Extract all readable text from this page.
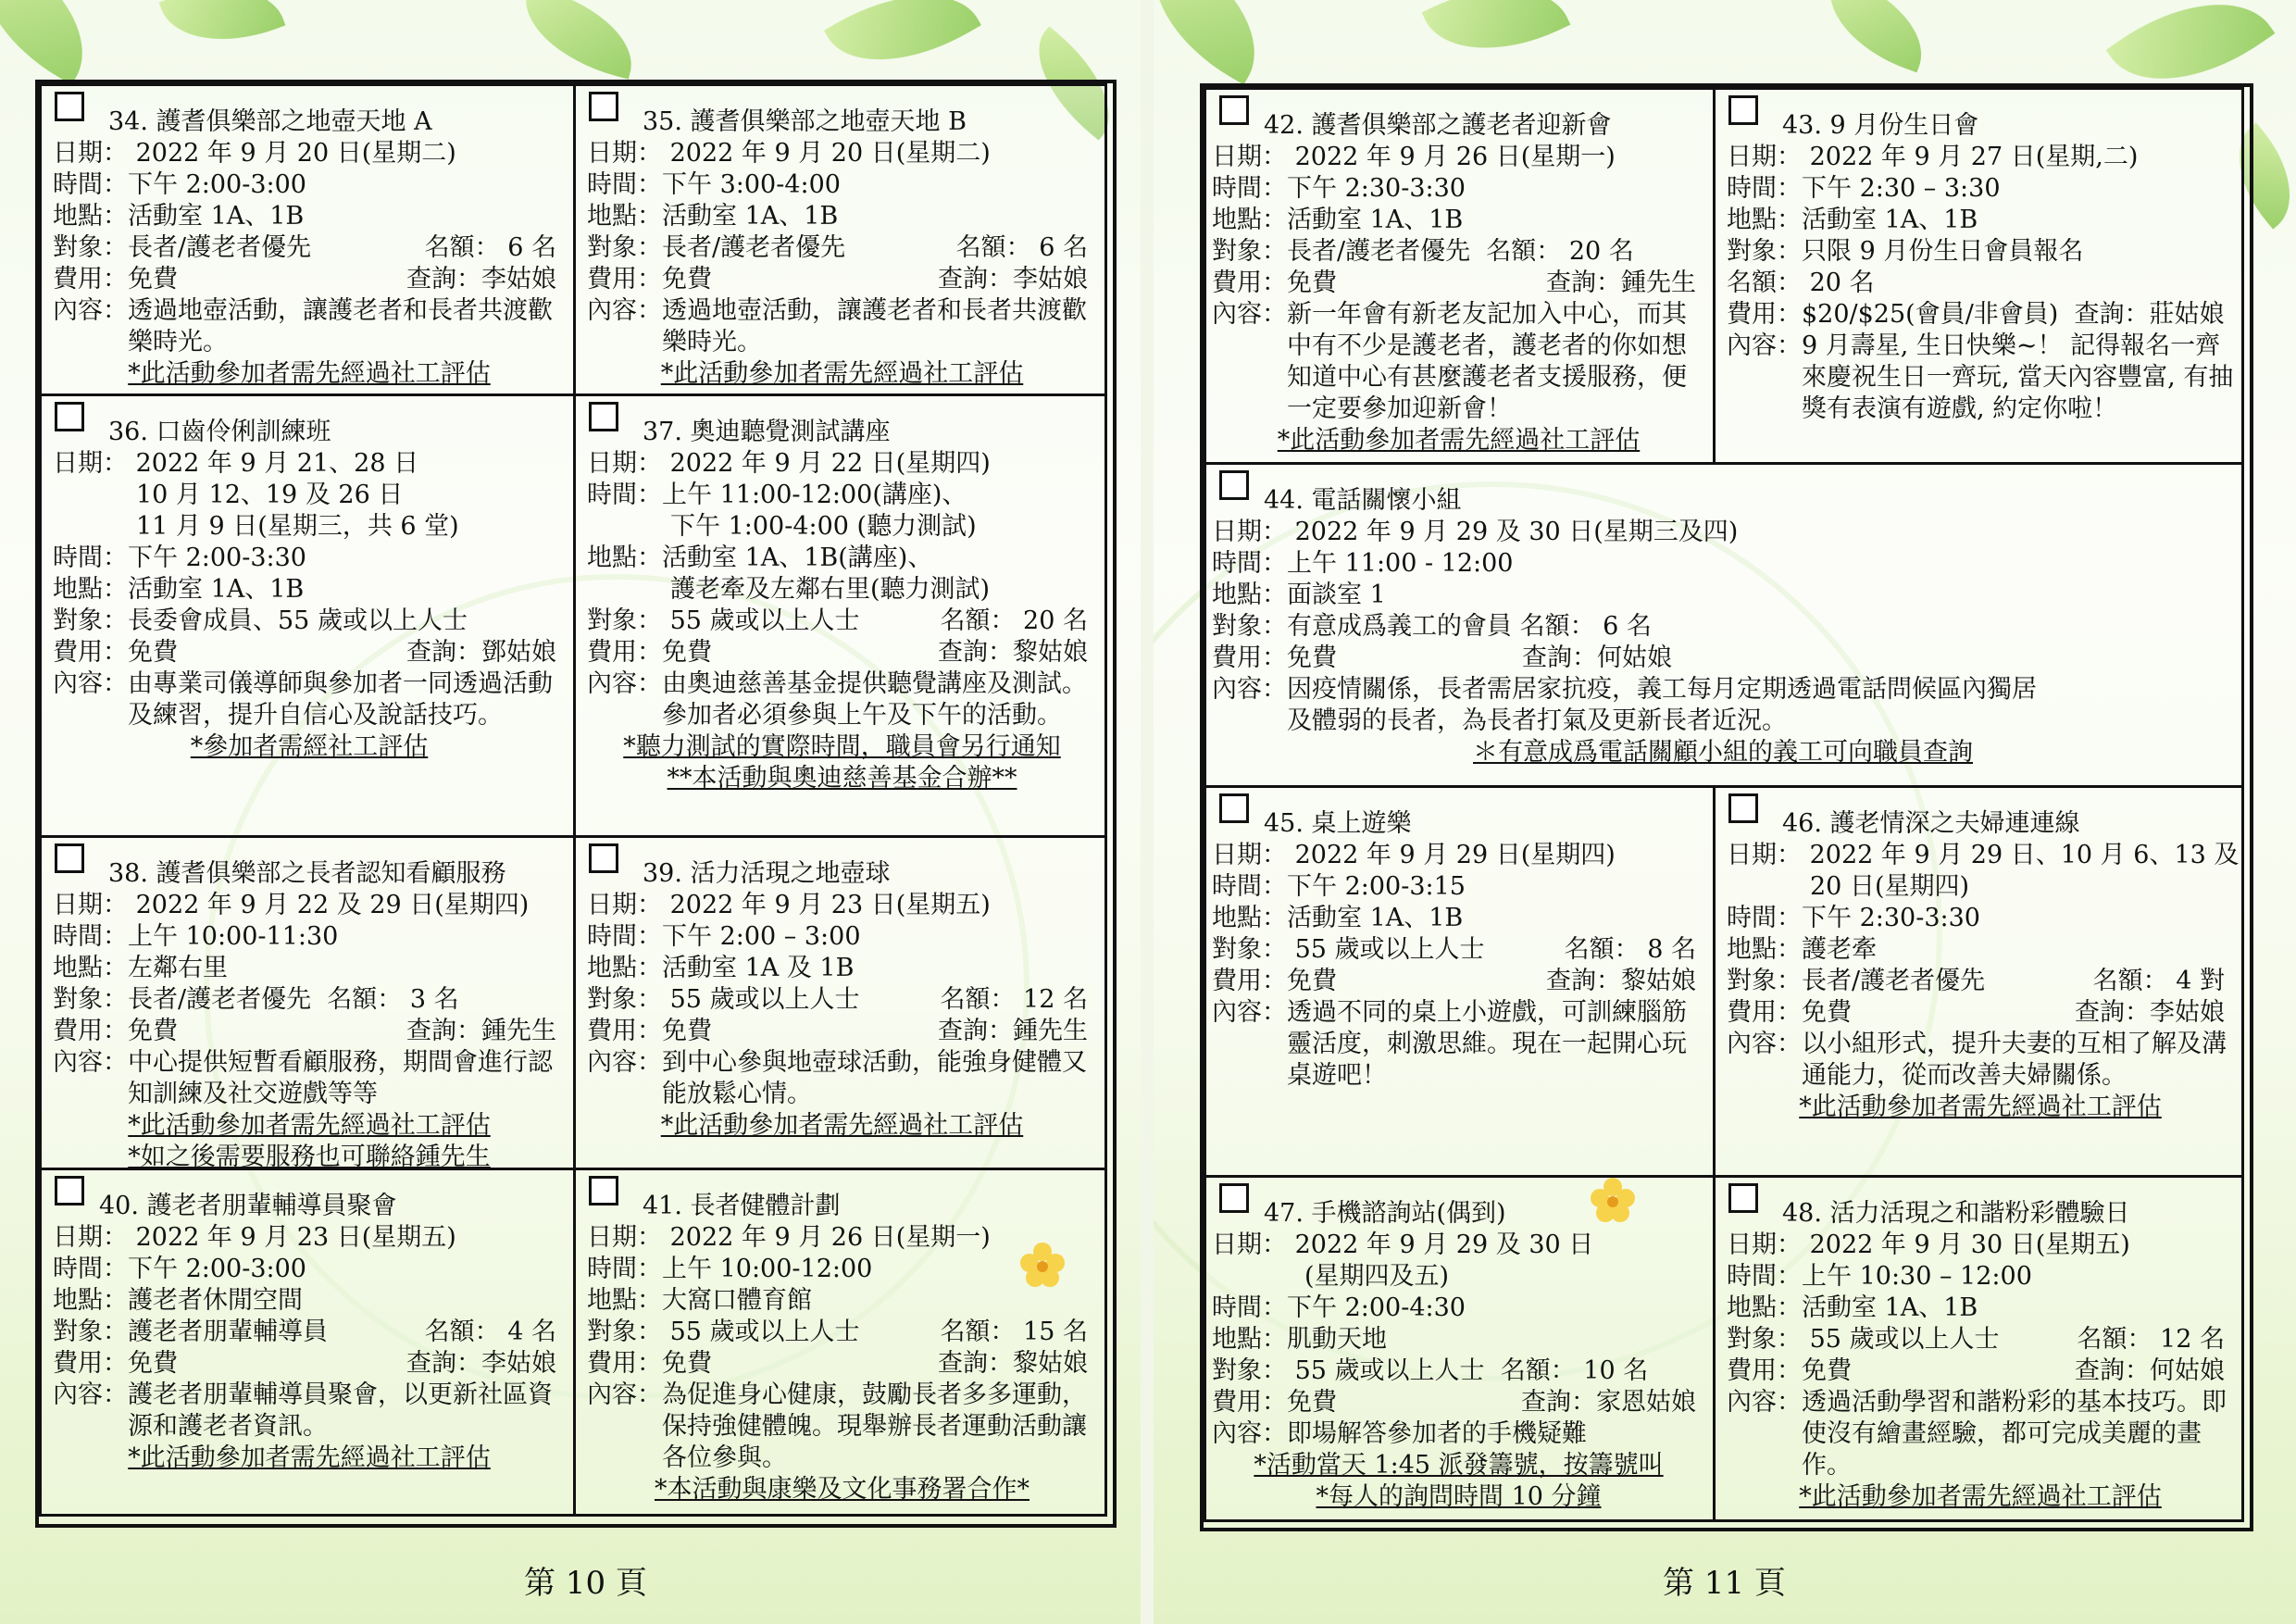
34. 護耆俱樂部之地壺天地 A
日期： 2022 年 9 月 20 日(星期二)
時間：下午 2:00-3:00
地點：活動室 1A、1B
對象：長者/護老者優先	名額： 6 名
費用：免費	查詢：李姑娘
內容： 透過地壺活動，讓護老者和長者共渡歡樂時光。
*此活動參加者需先經過社工評估
35. 護耆俱樂部之地壺天地 B
日期： 2022 年 9 月 20 日(星期二)
時間：下午 3:00-4:00
地點：活動室 1A、1B
對象：長者/護老者優先	名額： 6 名
費用：免費	查詢：李姑娘
內容： 透過地壺活動，讓護老者和長者共渡歡樂時光。
*此活動參加者需先經過社工評估
36. 口齒伶俐訓練班
日期： 2022 年 9 月 21、28 日
10 月 12、19 及 26 日
11 月 9 日(星期三，共 6 堂)
時間：下午 2:00-3:30
地點：活動室 1A、1B
對象：長委會成員、55 歲或以上人士
費用：免費	查詢：鄧姑娘
內容： 由專業司儀導師與參加者一同透過活動及練習，提升自信心及說話技巧。
*參加者需經社工評估
37. 奧迪聽覺測試講座
日期： 2022 年 9 月 22 日(星期四)
時間：上午 11:00-12:00(講座)、
下午 1:00-4:00 (聽力測試)
地點：活動室 1A、1B(講座)、
護老牽及左鄰右里(聽力測試)
對象： 55 歲或以上人士	名額： 20 名
費用：免費	查詢：黎姑娘
內容： 由奧迪慈善基金提供聽覺講座及測試。參加者必須參與上午及下午的活動。
*聽力測試的實際時間，職員會另行通知
**本活動與奧迪慈善基金合辦**
38. 護耆俱樂部之長者認知看顧服務
日期： 2022 年 9 月 22 及 29 日(星期四)
時間：上午 10:00-11:30
地點：左鄰右里
對象：長者/護老者優先 名額： 3 名
費用：免費	查詢：鍾先生
內容： 中心提供短暫看顧服務，期間會進行認知訓練及社交遊戲等等
*此活動參加者需先經過社工評估
*如之後需要服務也可聯絡鍾先生
39. 活力活現之地壺球
日期： 2022 年 9 月 23 日(星期五)
時間：下午 2:00 – 3:00
地點：活動室 1A 及 1B
對象： 55 歲或以上人士	名額： 12 名
費用：免費	查詢：鍾先生
內容： 到中心參與地壺球活動，能強身健體又能放鬆心情。
*此活動參加者需先經過社工評估
40. 護老者朋輩輔導員聚會
日期： 2022 年 9 月 23 日(星期五)
時間：下午 2:00-3:00
地點：護老者休閒空間
對象：護老者朋輩輔導員	名額： 4 名
費用：免費	查詢：李姑娘
內容： 護老者朋輩輔導員聚會，以更新社區資源和護老者資訊。
*此活動參加者需先經過社工評估
41. 長者健體計劃
日期： 2022 年 9 月 26 日(星期一)
時間：上午 10:00-12:00
地點：大窩口體育館
對象： 55 歲或以上人士	名額： 15 名
費用：免費	查詢：黎姑娘
內容： 為促進身心健康，鼓勵長者多多運動，保持強健體魄。現舉辦長者運動活動讓各位參與。
*本活動與康樂及文化事務署合作*
第 10 頁
42. 護耆俱樂部之護老者迎新會
日期： 2022 年 9 月 26 日(星期一)
時間：下午 2:30-3:30
地點：活動室 1A、1B
對象：長者/護老者優先 名額： 20 名
費用：免費	查詢：鍾先生
內容： 新一年會有新老友記加入中心，而其中有不少是護老者，護老者的你如想知道中心有甚麼護老者支援服務，便一定要參加迎新會！
*此活動參加者需先經過社工評估
43. 9 月份生日會
日期： 2022 年 9 月 27 日(星期,二)
時間：下午 2:30 – 3:30
地點：活動室 1A、1B
對象：只限 9 月份生日會員報名
名額： 20 名
費用：$20/$25(會員/非會員) 查詢：莊姑娘
內容： 9 月壽星, 生日快樂~！ 記得報名一齊來慶祝生日一齊玩, 當天內容豐富, 有抽獎有表演有遊戲, 約定你啦！
44. 電話關懷小組
日期： 2022 年 9 月 29 及 30 日(星期三及四)
時間：上午 11:00 - 12:00
地點：面談室 1
對象：有意成爲義工的會員 名額： 6 名
費用：免費	查詢：何姑娘
內容： 因疫情關係，長者需居家抗疫，義工每月定期透過電話問候區內獨居及體弱的長者，為長者打氣及更新長者近況。
＊有意成爲電話關顧小組的義工可向職員查詢
45. 桌上遊樂
日期： 2022 年 9 月 29 日(星期四)
時間：下午 2:00-3:15
地點：活動室 1A、1B
對象： 55 歲或以上人士	名額： 8 名
費用：免費	查詢：黎姑娘
內容： 透過不同的桌上小遊戲，可訓練腦筋靈活度，刺激思維。現在一起開心玩桌遊吧！
46. 護老情深之夫婦連連線
日期： 2022 年 9 月 29 日、10 月 6、13 及
20 日(星期四)
時間：下午 2:30-3:30
地點：護老牽
對象：長者/護老者優先	名額： 4 對
費用：免費	查詢：李姑娘
內容： 以小組形式，提升夫妻的互相了解及溝通能力，從而改善夫婦關係。
*此活動參加者需先經過社工評估
47. 手機諮詢站(偶到)
日期： 2022 年 9 月 29 及 30 日
(星期四及五)
時間：下午 2:00-4:30
地點：肌動天地
對象： 55 歲或以上人士 名額： 10 名
費用：免費	查詢：家恩姑娘
內容： 即場解答參加者的手機疑難
*活動當天 1:45 派發籌號，按籌號叫
*每人的詢問時間 10 分鐘
48. 活力活現之和諧粉彩體驗日
日期： 2022 年 9 月 30 日(星期五)
時間：上午 10:30 – 12:00
地點：活動室 1A、1B
對象： 55 歲或以上人士	名額： 12 名
費用：免費	查詢：何姑娘
內容： 透過活動學習和諧粉彩的基本技巧。即使沒有繪畫經驗，都可完成美麗的畫作。
*此活動參加者需先經過社工評估
第 11 頁
